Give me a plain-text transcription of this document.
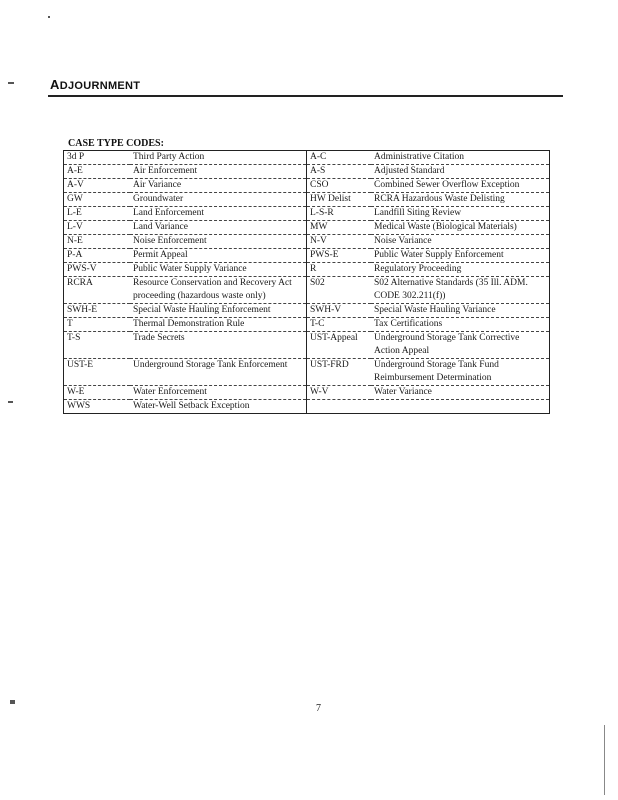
ADJOURNMENT
CASE TYPE CODES:
3d P	Third Party Action	A-C	Administrative Citation
A-E	Air Enforcement	A-S	Adjusted Standard
A-V	Air Variance	CSO	Combined Sewer Overflow Exception
GW	Groundwater	HW Delist	RCRA Hazardous Waste Delisting
L-E	Land Enforcement	L-S-R	Landfill Siting Review
L-V	Land Variance	MW	Medical Waste (Biological Materials)
N-E	Noise Enforcement	N-V	Noise Variance
P-A	Permit Appeal	PWS-E	Public Water Supply Enforcement
PWS-V	Public Water Supply Variance	R	Regulatory Proceeding
RCRA	Resource Conservation and Recovery Act proceeding (hazardous waste only)	S02	S02 Alternative Standards (35 Ill. ADM. CODE 302.211(f))
SWH-E	Special Waste Hauling Enforcement	SWH-V	Special Waste Hauling Variance
T	Thermal Demonstration Rule	T-C	Tax Certifications
T-S	Trade Secrets	UST-Appeal	Underground Storage Tank Corrective Action Appeal
UST-E	Underground Storage Tank Enforcement	UST-FRD	Underground Storage Tank Fund Reimbursement Determination
W-E	Water Enforcement	W-V	Water Variance
WWS	Water-Well Setback Exception		
7
